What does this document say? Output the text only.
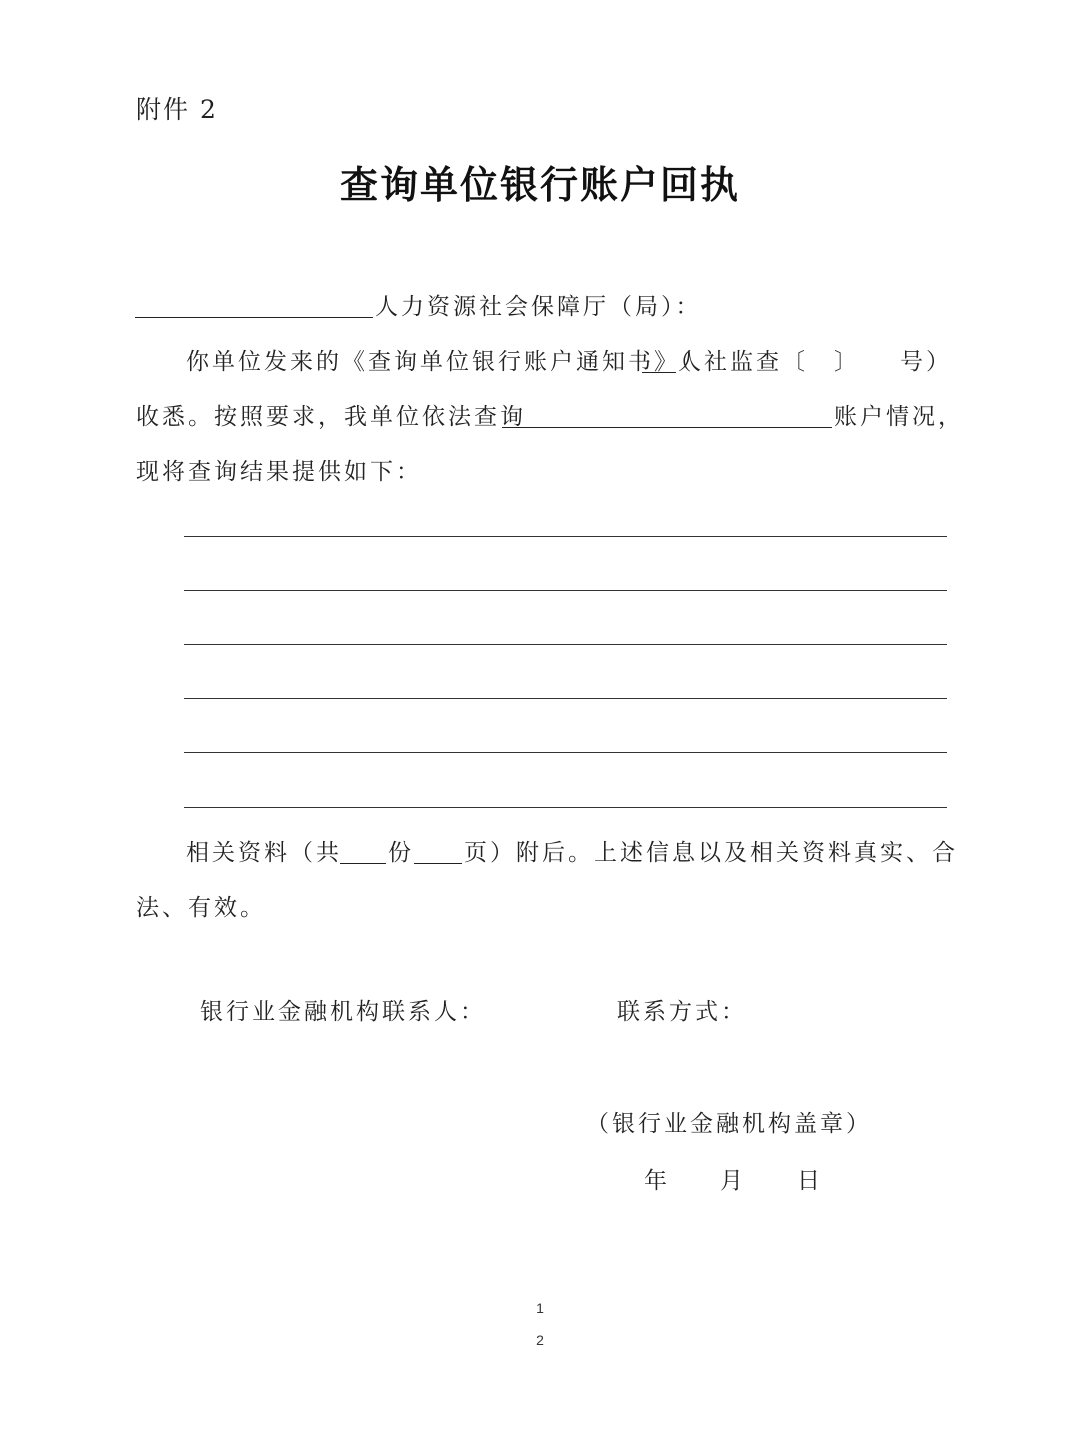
附件 2
查询单位银行账户回执
人力资源社会保障厅（局）：
你单位发来的《查询单位银行账户通知书》（
人社监查〔 〕 号）
收悉。按照要求，我单位依法查询	账户情况，
现将查询结果提供如下：
相关资料（共 份 页）附后。上述信息以及相关资料真实、合
法、有效。
银行业金融机构联系人：	联系方式：
（银行业金融机构盖章）
年 月 日
1
2
